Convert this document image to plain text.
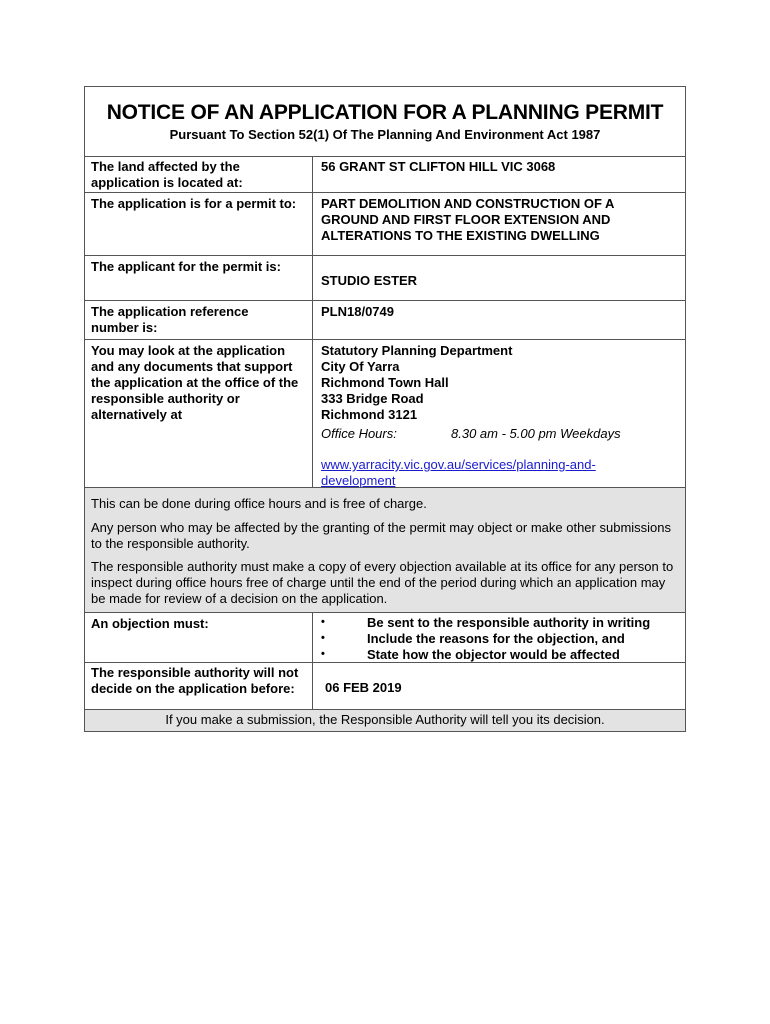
NOTICE OF AN APPLICATION FOR A PLANNING PERMIT
Pursuant To Section 52(1) Of The Planning And Environment Act 1987
The land affected by the application is located at:
56 GRANT ST CLIFTON HILL VIC 3068
The application is for a permit to:	PART DEMOLITION AND CONSTRUCTION OF A GROUND AND FIRST FLOOR EXTENSION AND ALTERATIONS TO THE EXISTING DWELLING
The applicant for the permit is:
STUDIO ESTER
The application reference number is:
PLN18/0749
You may look at the application and any documents that support the application at the office of the responsible authority or alternatively at
Statutory Planning Department
City Of Yarra
Richmond Town Hall
333 Bridge Road
Richmond 3121
Office Hours:	8.30 am - 5.00 pm Weekdays
www.yarracity.vic.gov.au/services/planning-and-
development
This can be done during office hours and is free of charge.
Any person who may be affected by the granting of the permit may object or make other submissions to the responsible authority.
The responsible authority must make a copy of every objection available at its office for any person to inspect during office hours free of charge until the end of the period during which an application may be made for review of a decision on the application.
An objection must:	•	Be sent to the responsible authority in writing
•	Include the reasons for the objection, and
•	State how the objector would be affected
The responsible authority will not decide on the application before:	06 FEB 2019
If you make a submission, the Responsible Authority will tell you its decision.
